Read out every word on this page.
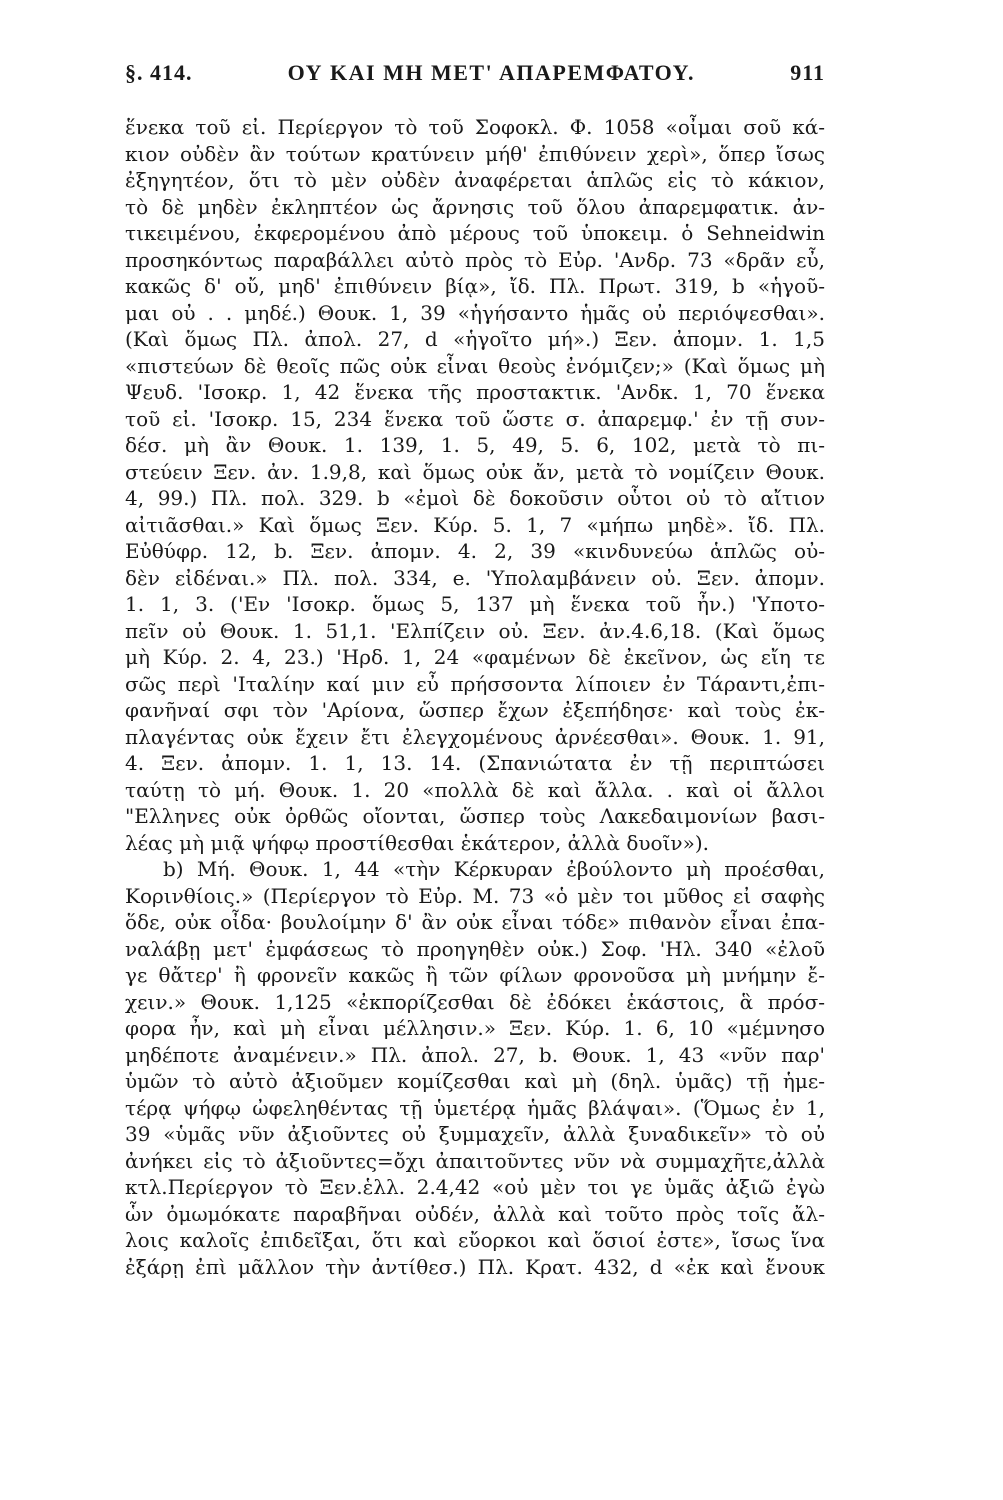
§. 414.	ΟΥ ΚΑΙ ΜΗ ΜΕΤ' ΑΠΑΡΕΜΦΑΤΟΥ.	911
ἕνεκα τοῦ εἰ. Περίεργον τὸ τοῦ Σοφοκλ. Φ. 1058 «οἶμαι σοῦ κά-
κιον οὐδὲν ἂν τούτων κρατύνειν μήθ' ἐπιθύνειν χερὶ», ὅπερ ἴσως
ἐξηγητέον, ὅτι τὸ μὲν οὐδὲν ἀναφέρεται ἁπλῶς εἰς τὸ κάκιον,
τὸ δὲ μηδὲν ἐκληπτέον ὡς ἄρνησις τοῦ ὅλου ἀπαρεμφατικ. ἀν-
τικειμένου, ἐκφερομένου ἀπὸ μέρους τοῦ ὑποκειμ. ὁ Sehneidwin
προσηκόντως παραβάλλει αὐτὸ πρὸς τὸ Εὐρ. 'Ανδρ. 73 «δρᾶν εὖ,
κακῶς δ' οὔ, μηδ' ἐπιθύνειν βίᾳ», ἴδ. Πλ. Πρωτ. 319, b «ἡγοῦ-
μαι οὐ . . μηδέ.) Θουκ. 1, 39 «ἡγήσαντο ἡμᾶς οὐ περιόψεσθαι».
(Καὶ ὅμως Πλ. ἀπολ. 27, d «ἡγοῖτο μή».) Ξεν. ἀπομν. 1. 1,5
«πιστεύων δὲ θεοῖς πῶς οὐκ εἶναι θεοὺς ἐνόμιζεν;» (Καὶ ὅμως μὴ
Ψευδ. 'Ισοκρ. 1, 42 ἕνεκα τῆς προστακτικ. 'Ανδκ. 1, 70 ἕνεκα
τοῦ εἰ. 'Ισοκρ. 15, 234 ἕνεκα τοῦ ὥστε σ. ἀπαρεμφ.' ἐν τῇ συν-
δέσ. μὴ ἂν Θουκ. 1. 139, 1. 5, 49, 5. 6, 102, μετὰ τὸ πι-
στεύειν Ξεν. ἀν. 1.9,8, καὶ ὅμως οὐκ ἄν, μετὰ τὸ νομίζειν Θουκ.
4, 99.) Πλ. πολ. 329. b «ἐμοὶ δὲ δοκοῦσιν οὗτοι οὐ τὸ αἴτιον
αἰτιᾶσθαι.» Καὶ ὅμως Ξεν. Κύρ. 5. 1, 7 «μήπω μηδὲ». ἴδ. Πλ.
Εὐθύφρ. 12, b. Ξεν. ἀπομν. 4. 2, 39 «κινδυνεύω ἁπλῶς οὐ-
δὲν εἰδέναι.» Πλ. πολ. 334, e. 'Υπολαμβάνειν οὐ. Ξεν. ἀπομν.
1. 1, 3. ('Εν 'Ισοκρ. ὅμως 5, 137 μὴ ἕνεκα τοῦ ἦν.) 'Υποτο-
πεῖν οὐ Θουκ. 1. 51,1. 'Ελπίζειν οὐ. Ξεν. ἀν.4.6,18. (Καὶ ὅμως
μὴ Κύρ. 2. 4, 23.) 'Ηρδ. 1, 24 «φαμένων δὲ ἐκεῖνον, ὡς εἴη τε
σῶς περὶ 'Ιταλίην καί μιν εὖ πρήσσοντα λίποιεν ἐν Τάραντι,ἐπι-
φανῆναί σφι τὸν 'Αρίονα, ὥσπερ ἔχων ἐξεπήδησε· καὶ τοὺς ἐκ-
πλαγέντας οὐκ ἔχειν ἔτι ἐλεγχομένους ἀρνέεσθαι». Θουκ. 1. 91,
4. Ξεν. ἀπομν. 1. 1, 13. 14. (Σπανιώτατα ἐν τῇ περιπτώσει
ταύτῃ τὸ μή. Θουκ. 1. 20 «πολλὰ δὲ καὶ ἄλλα. . καὶ οἱ ἄλλοι
"Ελληνες οὐκ ὀρθῶς οἴονται, ὥσπερ τοὺς Λακεδαιμονίων βασι-
λέας μὴ μιᾷ ψήφῳ προστίθεσθαι ἑκάτερον, ἀλλὰ δυοῖν»).
b) Μή. Θουκ. 1, 44 «τὴν Κέρκυραν ἐβούλοντο μὴ προέσθαι,
Κορινθίοις.» (Περίεργον τὸ Εὐρ. Μ. 73 «ὁ μὲν τοι μῦθος εἰ σαφὴς
ὅδε, οὐκ οἶδα· βουλοίμην δ' ἂν οὐκ εἶναι τόδε» πιθανὸν εἶναι ἐπα-
ναλάβῃ μετ' ἐμφάσεως τὸ προηγηθὲν οὐκ.) Σοφ. 'Ηλ. 340 «ἐλοῦ
γε θἄτερ' ἢ φρονεῖν κακῶς ἢ τῶν φίλων φρονοῦσα μὴ μνήμην ἔ-
χειν.» Θουκ. 1,125 «ἐκπορίζεσθαι δὲ ἐδόκει ἑκάστοις, ἃ πρόσ-
φορα ἦν, καὶ μὴ εἶναι μέλλησιν.» Ξεν. Κύρ. 1. 6, 10 «μέμνησο
μηδέποτε ἀναμένειν.» Πλ. ἀπολ. 27, b. Θουκ. 1, 43 «νῦν παρ'
ὑμῶν τὸ αὐτὸ ἀξιοῦμεν κομίζεσθαι καὶ μὴ (δηλ. ὑμᾶς) τῇ ἡμε-
τέρᾳ ψήφῳ ὠφεληθέντας τῇ ὑμετέρᾳ ἡμᾶς βλάψαι». (Ὅμως ἐν 1,
39 «ὑμᾶς νῦν ἀξιοῦντες οὐ ξυμμαχεῖν, ἀλλὰ ξυναδικεῖν» τὸ οὐ
ἀνήκει εἰς τὸ ἀξιοῦντες=ὄχι ἀπαιτοῦντες νῦν νὰ συμμαχῆτε,ἀλλὰ
κτλ.Περίεργον τὸ Ξεν.ἑλλ. 2.4,42 «οὐ μὲν τοι γε ὑμᾶς ἀξιῶ ἐγὼ
ὧν ὀμωμόκατε παραβῆναι οὐδέν, ἀλλὰ καὶ τοῦτο πρὸς τοῖς ἄλ-
λοις καλοῖς ἐπιδεῖξαι, ὅτι καὶ εὔορκοι καὶ ὅσιοί ἐστε», ἴσως ἵνα
ἐξάρῃ ἐπὶ μᾶλλον τὴν ἀντίθεσ.) Πλ. Κρατ. 432, d «ἐκ καὶ ἔνουκ
